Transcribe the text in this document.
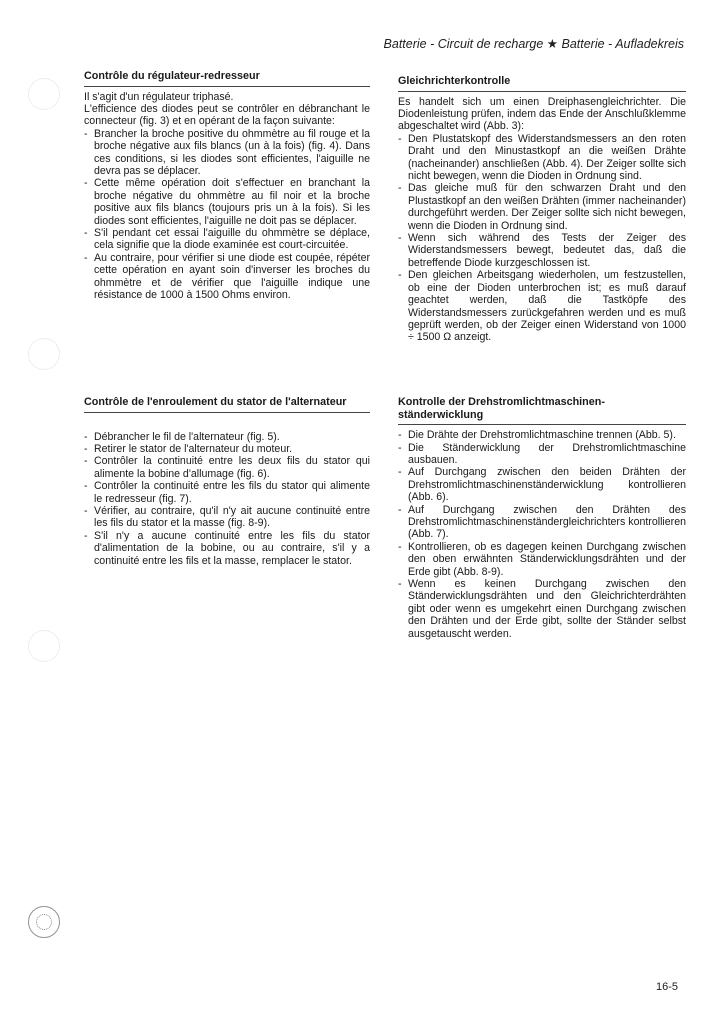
Batterie - Circuit de recharge ★ Batterie - Aufladekreis
Contrôle du régulateur-redresseur
Il s'agit d'un régulateur triphasé.
L'efficience des diodes peut se contrôler en débranchant le connecteur (fig. 3) et en opérant de la façon suivante:
- Brancher la broche positive du ohmmètre au fil rouge et la broche négative aux fils blancs (un à la fois) (fig. 4). Dans ces conditions, si les diodes sont efficientes, l'aiguille ne devra pas se déplacer.
- Cette même opération doit s'effectuer en branchant la broche négative du ohmmètre au fil noir et la broche positive aux fils blancs (toujours pris un à la fois). Si les diodes sont efficientes, l'aiguille ne doit pas se déplacer.
- S'il pendant cet essai l'aiguille du ohmmètre se déplace, cela signifie que la diode examinée est court-circuitée.
- Au contraire, pour vérifier si une diode est coupée, répéter cette opération en ayant soin d'inverser les broches du ohmmètre et de vérifier que l'aiguille indique une résistance de 1000 à 1500 Ohms environ.
Contrôle de l'enroulement du stator de l'alternateur
- Débrancher le fil de l'alternateur (fig. 5).
- Retirer le stator de l'alternateur du moteur.
- Contrôler la continuité entre les deux fils du stator qui alimente la bobine d'allumage (fig. 6).
- Contrôler la continuité entre les fils du stator qui alimente le redresseur (fig. 7).
- Vérifier, au contraire, qu'il n'y ait aucune continuité entre les fils du stator et la masse (fig. 8-9).
- S'il n'y a aucune continuité entre les fils du stator d'alimentation de la bobine, ou au contraire, s'il y a continuité entre les fils et la masse, remplacer le stator.
Gleichrichterkontrolle
Es handelt sich um einen Dreiphasengleichrichter. Die Diodenleistung prüfen, indem das Ende der Anschlußklemme abgeschaltet wird (Abb. 3):
- Den Plustatskopf des Widerstandsmessers an den roten Draht und den Minustastkopf an die weißen Drähte (nacheinander) anschließen (Abb. 4). Der Zeiger sollte sich nicht bewegen, wenn die Dioden in Ordnung sind.
- Das gleiche muß für den schwarzen Draht und den Plustastkopf an den weißen Drähten (immer nacheinander) durchgeführt werden. Der Zeiger sollte sich nicht bewegen, wenn die Dioden in Ordnung sind.
- Wenn sich während des Tests der Zeiger des Widerstandsmessers bewegt, bedeutet das, daß die betreffende Diode kurzgeschlossen ist.
- Den gleichen Arbeitsgang wiederholen, um festzustellen, ob eine der Dioden unterbrochen ist; es muß darauf geachtet werden, daß die Tastköpfe des Widerstandsmessers zurückgefahren werden und es muß geprüft werden, ob der Zeiger einen Widerstand von 1000 ÷ 1500 Ω anzeigt.
Kontrolle der Drehstromlichtmaschinen-ständerwicklung
- Die Drähte der Drehstromlichtmaschine trennen (Abb. 5).
- Die Ständerwicklung der Drehstromlichtmaschine ausbauen.
- Auf Durchgang zwischen den beiden Drähten der Drehstromlichtmaschinenständerwicklung kontrollieren (Abb. 6).
- Auf Durchgang zwischen den Drähten des Drehstromlichtmaschinenständergleichrichters kontrollieren (Abb. 7).
- Kontrollieren, ob es dagegen keinen Durchgang zwischen den oben erwähnten Ständerwicklungsdrähten und der Erde gibt (Abb. 8-9).
- Wenn es keinen Durchgang zwischen den Ständerwicklungsdrähten und den Gleichrichterdrähten gibt oder wenn es umgekehrt einen Durchgang zwischen den Drähten und der Erde gibt, sollte der Ständer selbst ausgetauscht werden.
16-5
